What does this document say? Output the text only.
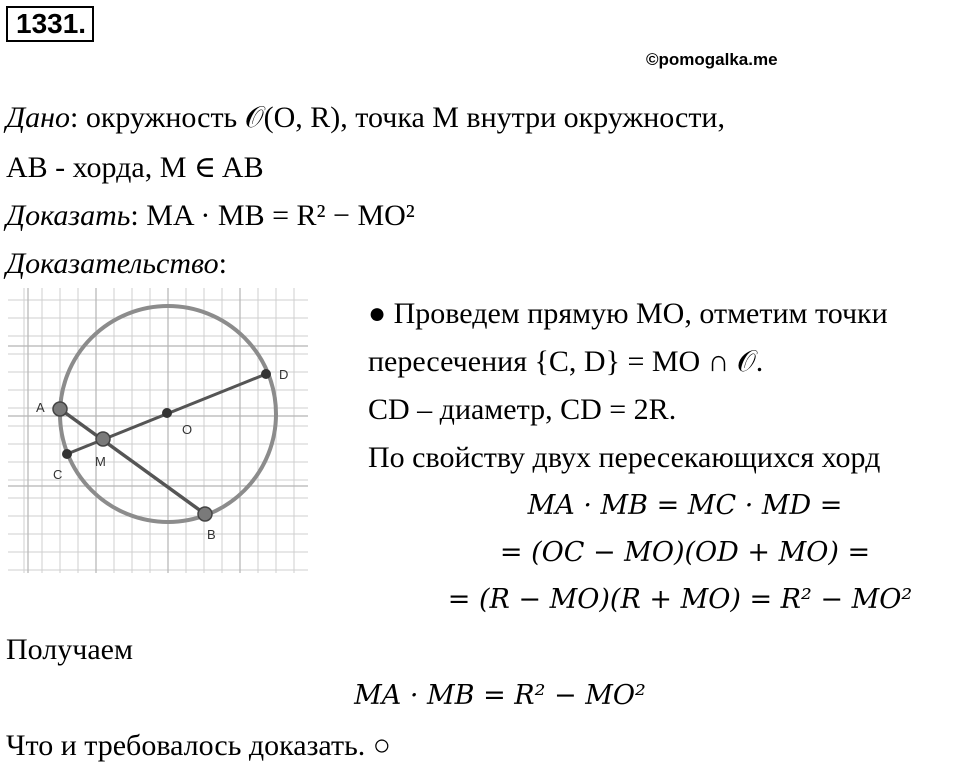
1331.
©pomogalka.me
Дано: окружность 𝒪(O, R), точка M внутри окружности,
AB - хорда, M ∈ AB
Доказать: MA · MB = R² − MO²
Доказательство:
A
B
C
D
M
O
● Проведем прямую MO, отметим точки
пересечения {C, D} = MO ∩ 𝒪.
CD – диаметр, CD = 2R.
По свойству двух пересекающихся хорд
MA · MB = MC · MD =
= (OC − MO)(OD + MO) =
= (R − MO)(R + MO) = R² − MO²
Получаем
MA · MB = R² − MO²
Что и требовалось доказать. ○
